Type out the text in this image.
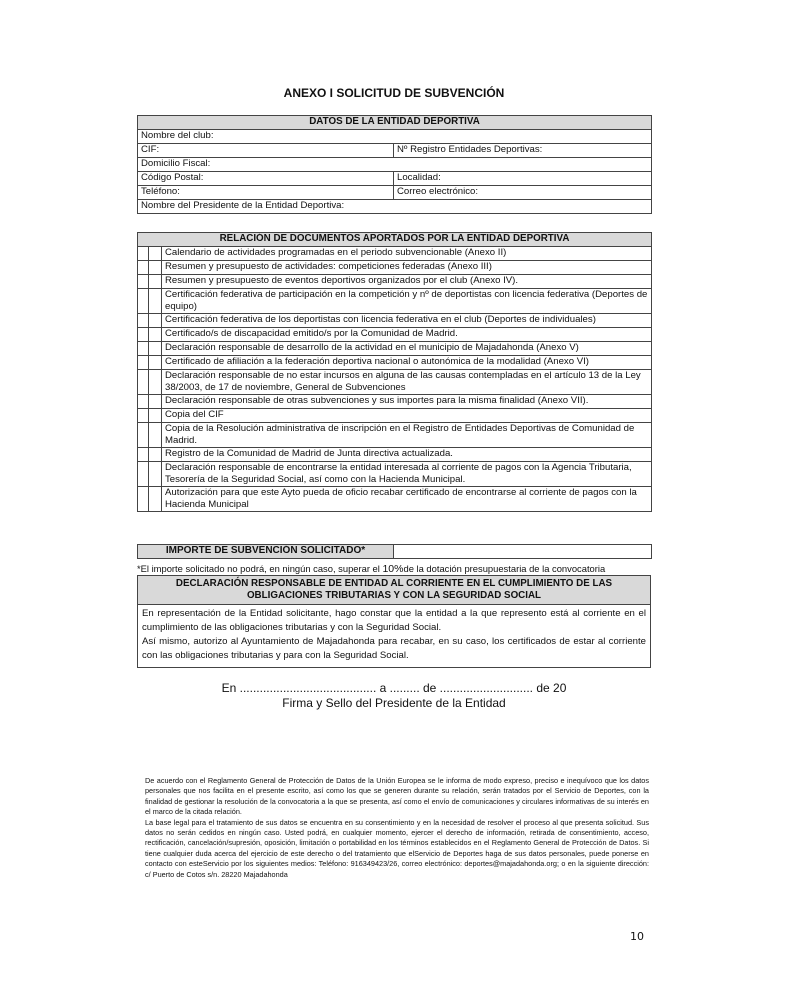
ANEXO I SOLICITUD DE SUBVENCIÓN
DATOS DE LA ENTIDAD DEPORTIVA	
Nombre del club:	
CIF:	Nº Registro Entidades Deportivas:
Domicilio Fiscal:	
Código Postal:	Localidad:
Teléfono:	Correo electrónico:
Nombre del Presidente de la Entidad Deportiva:	
RELACIÓN DE DOCUMENTOS APORTADOS POR LA ENTIDAD DEPORTIVA	

	Calendario de actividades programadas en el periodo subvencionable (Anexo II)

	Resumen y presupuesto de actividades: competiciones federadas (Anexo III)

	Resumen y presupuesto de eventos deportivos organizados por el club (Anexo IV).

	Certificación federativa de participación en la competición y nº de deportistas con licencia federativa (Deportes de equipo)

	Certificación federativa de los deportistas con licencia federativa en el club (Deportes de individuales)

	Certificado/s de discapacidad emitido/s por la Comunidad de Madrid.

	Declaración responsable de desarrollo de la actividad en el municipio de Majadahonda (Anexo V)

	Certificado de afiliación a la federación deportiva nacional o autonómica de la modalidad (Anexo VI)

	Declaración responsable de no estar incursos en alguna de las causas contempladas en el artículo 13 de la Ley 38/2003, de 17 de noviembre, General de Subvenciones

	Declaración responsable de otras subvenciones y sus importes para la misma finalidad (Anexo VII).

	Copia del CIF

	Copia de la Resolución administrativa de inscripción en el Registro de Entidades Deportivas de Comunidad de Madrid.

	Registro de la Comunidad de Madrid de Junta directiva actualizada.

	Declaración responsable de encontrarse la entidad interesada al corriente de pagos con la Agencia Tributaria, Tesorería de la Seguridad Social, así como con la Hacienda Municipal.

	Autorización para que este Ayto pueda de oficio recabar certificado de encontrarse al corriente de pagos con la Hacienda Municipal
IMPORTE DE SUBVENCIÓN SOLICITADO*	
*El importe solicitado no podrá, en ningún caso, superar el 10%de la dotación presupuestaria de la convocatoria
DECLARACIÓN RESPONSABLE DE ENTIDAD AL CORRIENTE EN EL CUMPLIMIENTO DE LAS
OBLIGACIONES TRIBUTARIAS Y CON LA SEGURIDAD SOCIAL

En representación de la Entidad solicitante, hago constar que la entidad a la que represento está al corriente en el cumplimiento de las obligaciones tributarias y con la Seguridad Social.
Así mismo, autorizo al Ayuntamiento de Majadahonda para recabar, en su caso, los certificados de estar al corriente con las obligaciones tributarias y para con la Seguridad Social.
En ......................................... a ......... de ............................ de 20
Firma y Sello del Presidente de la Entidad

De acuerdo con el Reglamento General de Protección de Datos de la Unión Europea se le informa de modo expreso, preciso e inequívoco que los datos personales que nos facilita en el presente escrito, así como los que se generen durante su relación, serán tratados por el Servicio de Deportes, con la finalidad de gestionar la resolución de la convocatoria a la que se presenta, así como el envío de comunicaciones y circulares informativas de su interés en el marco de la citada relación.

La base legal para el tratamiento de sus datos se encuentra en su consentimiento y en la necesidad de resolver el proceso al que presenta solicitud. Sus datos no serán cedidos en ningún caso. Usted podrá, en cualquier momento, ejercer el derecho de información, retirada de consentimiento, acceso, rectificación, cancelación/supresión, oposición, limitación o portabilidad en los términos establecidos en el Reglamento General de Protección de Datos. Si tiene cualquier duda acerca del ejercicio de este derecho o del tratamiento que elServicio de Deportes haga de sus datos personales, puede ponerse en contacto con esteServicio por los siguientes medios: Teléfono: 916349423/26, correo electrónico: deportes@majadahonda.org; o en la siguiente dirección: c/ Puerto de Cotos s/n. 28220 Majadahonda

10
